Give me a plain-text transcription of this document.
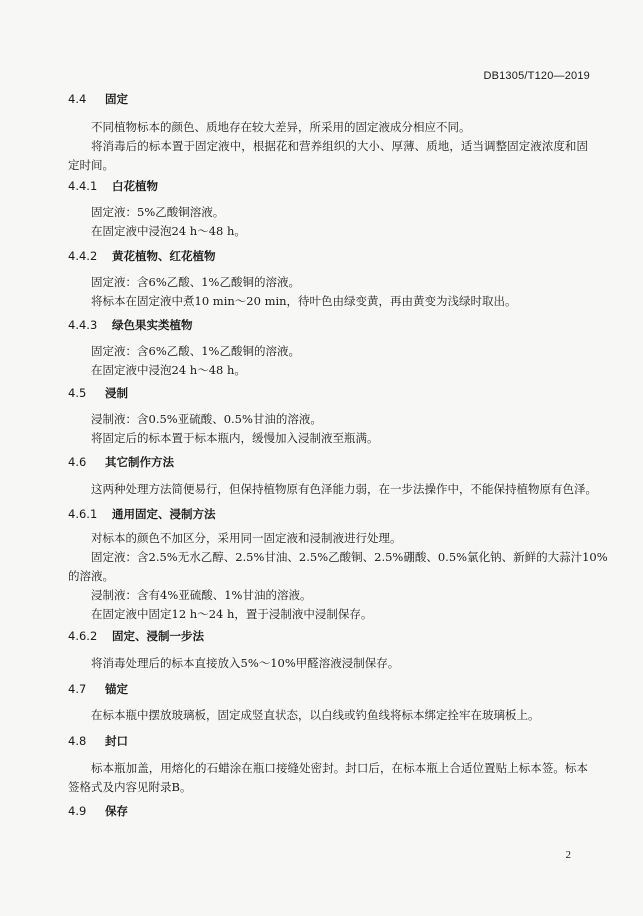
DB1305/T120—2019
4.4 固定
不同植物标本的颜色、质地存在较大差异，所采用的固定液成分相应不同。
将消毒后的标本置于固定液中，根据花和营养组织的大小、厚薄、质地，适当调整固定液浓度和固
定时间。
4.4.1 白花植物
固定液：5%乙酸铜溶液。
在固定液中浸泡24 h～48 h。
4.4.2 黄花植物、红花植物
固定液：含6%乙酸、1%乙酸铜的溶液。
将标本在固定液中煮10 min～20 min，待叶色由绿变黄，再由黄变为浅绿时取出。
4.4.3 绿色果实类植物
固定液：含6%乙酸、1%乙酸铜的溶液。
在固定液中浸泡24 h～48 h。
4.5 浸制
浸制液：含0.5%亚硫酸、0.5%甘油的溶液。
将固定后的标本置于标本瓶内，缓慢加入浸制液至瓶满。
4.6 其它制作方法
这两种处理方法简便易行，但保持植物原有色泽能力弱，在一步法操作中，不能保持植物原有色泽。
4.6.1 通用固定、浸制方法
对标本的颜色不加区分，采用同一固定液和浸制液进行处理。
固定液：含2.5%无水乙醇、2.5%甘油、2.5%乙酸铜、2.5%硼酸、0.5%氯化钠、新鲜的大蒜汁10%
的溶液。
浸制液：含有4%亚硫酸、1%甘油的溶液。
在固定液中固定12 h～24 h，置于浸制液中浸制保存。
4.6.2 固定、浸制一步法
将消毒处理后的标本直接放入5%～10%甲醛溶液浸制保存。
4.7 锚定
在标本瓶中摆放玻璃板，固定成竖直状态，以白线或钓鱼线将标本绑定拴牢在玻璃板上。
4.8 封口
标本瓶加盖，用熔化的石蜡涂在瓶口接缝处密封。封口后，在标本瓶上合适位置贴上标本签。标本
签格式及内容见附录B。
4.9 保存
2
